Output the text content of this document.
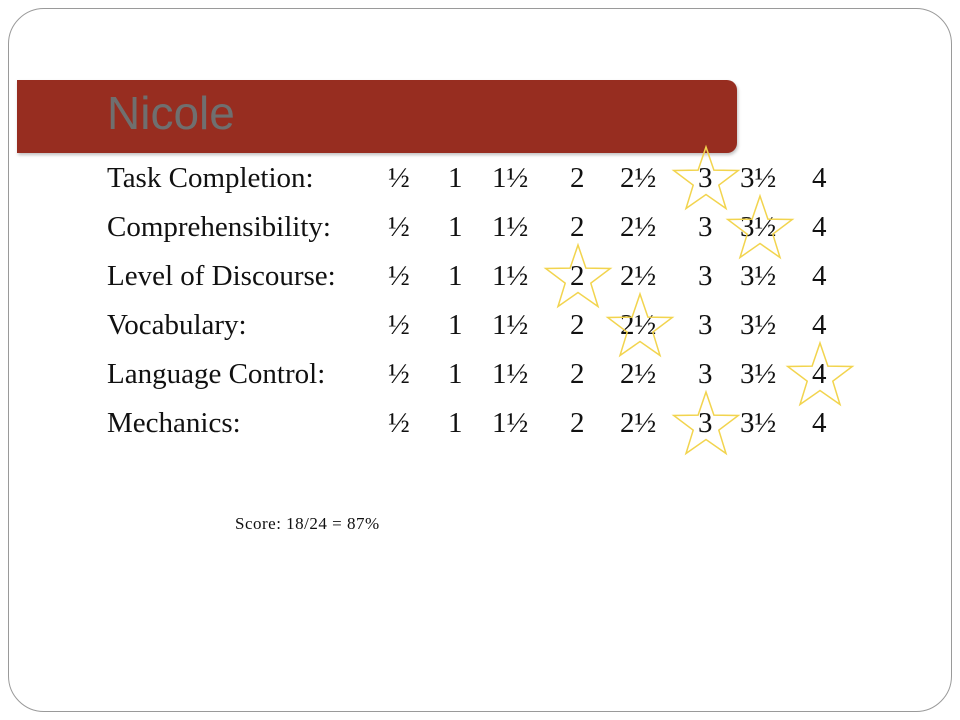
Nicole
Task Completion:	½ 1 1½ 2 2½ 3 3½ 4
Comprehensibility: ½ 1 1½ 2 2½ 3 3½ 4
Level of Discourse: ½ 1 1½ 2 2½ 3 3½ 4
Vocabulary:	½ 1 1½ 2 2½ 3 3½ 4
Language Control: ½ 1 1½ 2 2½ 3 3½ 4
Mechanics:	½ 1 1½ 2 2½ 3 3½ 4
Score: 18/24 = 87%
